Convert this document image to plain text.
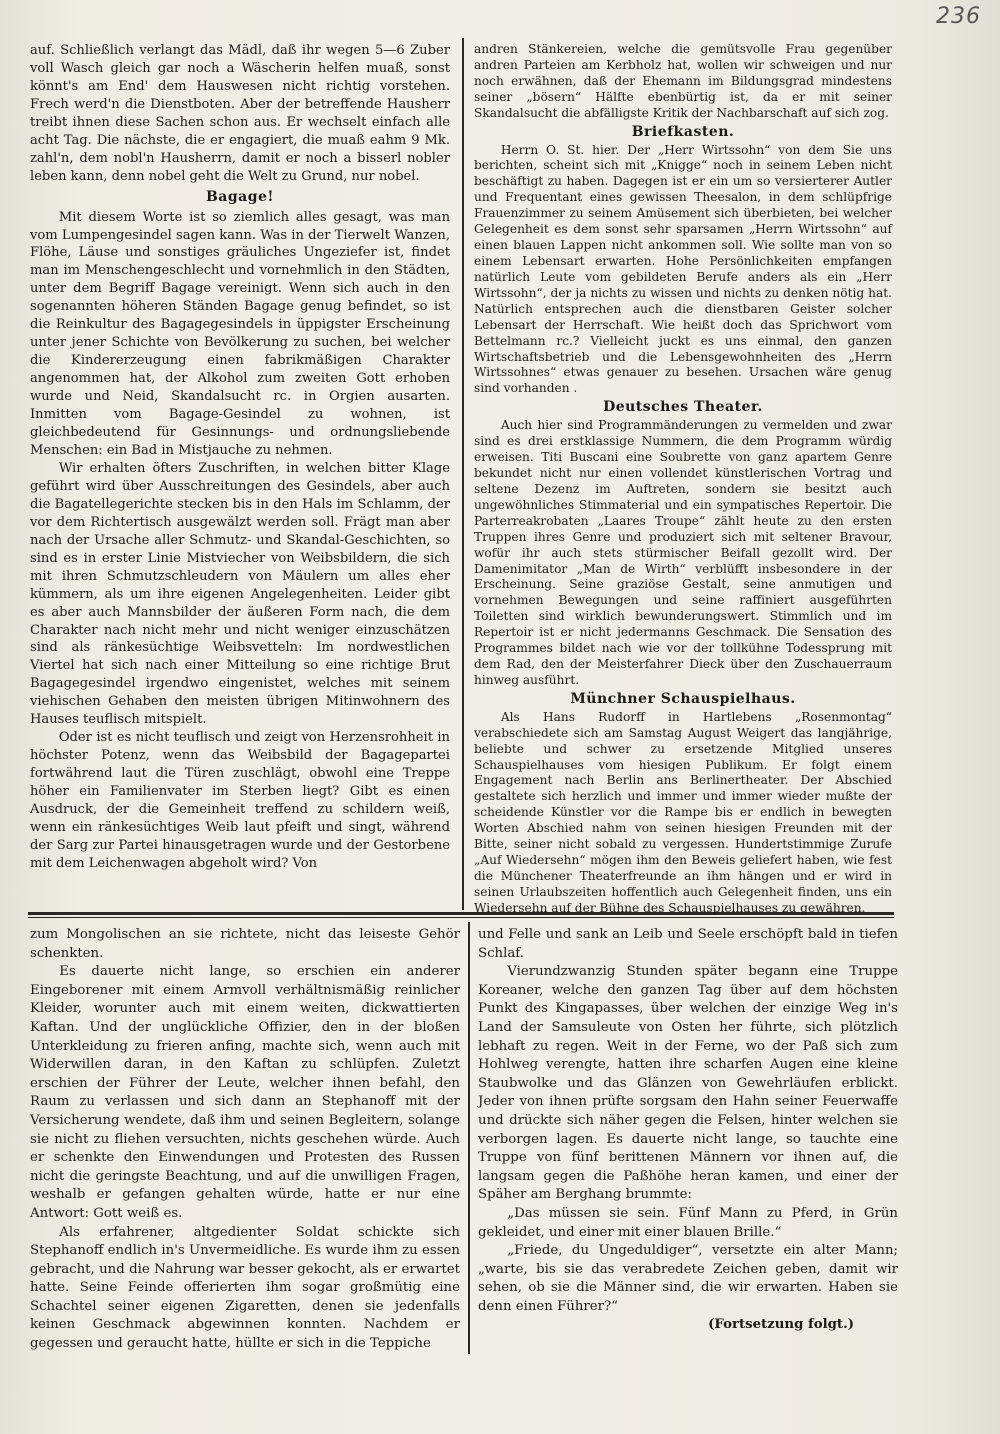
236

auf. Schließlich verlangt das Mädl, daß ihr wegen 5—6 Zuber voll Wasch gleich gar noch a Wäscherin helfen muaß, sonst könnt's am End' dem Hauswesen nicht richtig vorstehen. Frech werd'n die Dienstboten. Aber der betreffende Hausherr treibt ihnen diese Sachen schon aus. Er wechselt einfach alle acht Tag. Die nächste, die er engagiert, die muaß eahm 9 Mk. zahl'n, dem nobl'n Hausherrn, damit er noch a bisserl nobler leben kann, denn nobel geht die Welt zu Grund, nur nobel.

Bagage!

Mit diesem Worte ist so ziemlich alles gesagt, was man vom Lumpengesindel sagen kann. Was in der Tierwelt Wanzen, Flöhe, Läuse und sonstiges gräuliches Ungeziefer ist, findet man im Menschengeschlecht und vornehmlich in den Städten, unter dem Begriff Bagage vereinigt. Wenn sich auch in den sogenannten höheren Ständen Bagage genug befindet, so ist die Reinkultur des Bagagegesindels in üppigster Erscheinung unter jener Schichte von Bevölkerung zu suchen, bei welcher die Kindererzeugung einen fabrikmäßigen Charakter angenommen hat, der Alkohol zum zweiten Gott erhoben wurde und Neid, Skandalsucht rc. in Orgien ausarten. Inmitten vom Bagage-Gesindel zu wohnen, ist gleichbedeutend für Gesinnungs- und ordnungsliebende Menschen: ein Bad in Mistjauche zu nehmen.

Wir erhalten öfters Zuschriften, in welchen bitter Klage geführt wird über Ausschreitungen des Gesindels, aber auch die Bagatellegerichte stecken bis in den Hals im Schlamm, der vor dem Richtertisch ausgewälzt werden soll. Frägt man aber nach der Ursache aller Schmutz- und Skandal-Geschichten, so sind es in erster Linie Mistviecher von Weibsbildern, die sich mit ihren Schmutzschleudern von Mäulern um alles eher kümmern, als um ihre eigenen Angelegenheiten. Leider gibt es aber auch Mannsbilder der äußeren Form nach, die dem Charakter nach nicht mehr und nicht weniger einzuschätzen sind als ränkesüchtige Weibsvetteln: Im nordwestlichen Viertel hat sich nach einer Mitteilung so eine richtige Brut Bagagegesindel irgendwo eingenistet, welches mit seinem viehischen Gehaben den meisten übrigen Mitinwohnern des Hauses teuflisch mitspielt.

Oder ist es nicht teuflisch und zeigt von Herzensrohheit in höchster Potenz, wenn das Weibsbild der Bagagepartei fortwährend laut die Türen zuschlägt, obwohl eine Treppe höher ein Familienvater im Sterben liegt? Gibt es einen Ausdruck, der die Gemeinheit treffend zu schildern weiß, wenn ein ränkesüchtiges Weib laut pfeift und singt, während der Sarg zur Partei hinausgetragen wurde und der Gestorbene mit dem Leichenwagen abgeholt wird? Von

andren Stänkereien, welche die gemütsvolle Frau gegenüber andren Parteien am Kerbholz hat, wollen wir schweigen und nur noch erwähnen, daß der Ehemann im Bildungsgrad mindestens seiner „bösern“ Hälfte ebenbürtig ist, da er mit seiner Skandalsucht die abfälligste Kritik der Nachbarschaft auf sich zog.

Briefkasten.

Herrn O. St. hier. Der „Herr Wirtssohn“ von dem Sie uns berichten, scheint sich mit „Knigge“ noch in seinem Leben nicht beschäftigt zu haben. Dagegen ist er ein um so versierterer Autler und Frequentant eines gewissen Theesalon, in dem schlüpfrige Frauenzimmer zu seinem Amüsement sich überbieten, bei welcher Gelegenheit es dem sonst sehr sparsamen „Herrn Wirtssohn“ auf einen blauen Lappen nicht ankommen soll. Wie sollte man von so einem Lebensart erwarten. Hohe Persönlichkeiten empfangen natürlich Leute vom gebildeten Berufe anders als ein „Herr Wirtssohn“, der ja nichts zu wissen und nichts zu denken nötig hat. Natürlich entsprechen auch die dienstbaren Geister solcher Lebensart der Herrschaft. Wie heißt doch das Sprichwort vom Bettelmann rc.? Vielleicht juckt es uns einmal, den ganzen Wirtschaftsbetrieb und die Lebensgewohnheiten des „Herrn Wirtssohnes“ etwas genauer zu besehen. Ursachen wäre genug sind vorhanden .

Deutsches Theater.

Auch hier sind Programmänderungen zu vermelden und zwar sind es drei erstklassige Nummern, die dem Programm würdig erweisen. Titi Buscani eine Soubrette von ganz apartem Genre bekundet nicht nur einen vollendet künstlerischen Vortrag und seltene Dezenz im Auftreten, sondern sie besitzt auch ungewöhnliches Stimmaterial und ein sympatisches Repertoir. Die Parterreakrobaten „Laares Troupe“ zählt heute zu den ersten Truppen ihres Genre und produziert sich mit seltener Bravour, wofür ihr auch stets stürmischer Beifall gezollt wird. Der Damenimitator „Man de Wirth“ verblüfft insbesondere in der Erscheinung. Seine graziöse Gestalt, seine anmutigen und vornehmen Bewegungen und seine raffiniert ausgeführten Toiletten sind wirklich bewunderungswert. Stimmlich und im Repertoir ist er nicht jedermanns Geschmack. Die Sensation des Programmes bildet nach wie vor der tollkühne Todessprung mit dem Rad, den der Meisterfahrer Dieck über den Zuschauerraum hinweg ausführt.

Münchner Schauspielhaus.

Als Hans Rudorff in Hartlebens „Rosenmontag“ verabschiedete sich am Samstag August Weigert das langjährige, beliebte und schwer zu ersetzende Mitglied unseres Schauspielhauses vom hiesigen Publikum. Er folgt einem Engagement nach Berlin ans Berlinertheater. Der Abschied gestaltete sich herzlich und immer und immer wieder mußte der scheidende Künstler vor die Rampe bis er endlich in bewegten Worten Abschied nahm von seinen hiesigen Freunden mit der Bitte, seiner nicht sobald zu vergessen. Hundertstimmige Zurufe „Auf Wiedersehn“ mögen ihm den Beweis geliefert haben, wie fest die Münchener Theaterfreunde an ihm hängen und er wird in seinen Urlaubszeiten hoffentlich auch Gelegenheit finden, uns ein Wiedersehn auf der Bühne des Schauspielhauses zu gewähren.

zum Mongolischen an sie richtete, nicht das leiseste Gehör schenkten.

Es dauerte nicht lange, so erschien ein anderer Eingeborener mit einem Armvoll verhältnismäßig reinlicher Kleider, worunter auch mit einem weiten, dickwattierten Kaftan. Und der unglückliche Offizier, den in der bloßen Unterkleidung zu frieren anfing, machte sich, wenn auch mit Widerwillen daran, in den Kaftan zu schlüpfen. Zuletzt erschien der Führer der Leute, welcher ihnen befahl, den Raum zu verlassen und sich dann an Stephanoff mit der Versicherung wendete, daß ihm und seinen Begleitern, solange sie nicht zu fliehen versuchten, nichts geschehen würde. Auch er schenkte den Einwendungen und Protesten des Russen nicht die geringste Beachtung, und auf die unwilligen Fragen, weshalb er gefangen gehalten würde, hatte er nur eine Antwort: Gott weiß es.

Als erfahrener, altgedienter Soldat schickte sich Stephanoff endlich in's Unvermeidliche. Es wurde ihm zu essen gebracht, und die Nahrung war besser gekocht, als er erwartet hatte. Seine Feinde offerierten ihm sogar großmütig eine Schachtel seiner eigenen Zigaretten, denen sie jedenfalls keinen Geschmack abgewinnen konnten. Nachdem er gegessen und geraucht hatte, hüllte er sich in die Teppiche

und Felle und sank an Leib und Seele erschöpft bald in tiefen Schlaf.

Vierundzwanzig Stunden später begann eine Truppe Koreaner, welche den ganzen Tag über auf dem höchsten Punkt des Kingapasses, über welchen der einzige Weg in's Land der Samsuleute von Osten her führte, sich plötzlich lebhaft zu regen. Weit in der Ferne, wo der Paß sich zum Hohlweg verengte, hatten ihre scharfen Augen eine kleine Staubwolke und das Glänzen von Gewehrläufen erblickt. Jeder von ihnen prüfte sorgsam den Hahn seiner Feuerwaffe und drückte sich näher gegen die Felsen, hinter welchen sie verborgen lagen. Es dauerte nicht lange, so tauchte eine Truppe von fünf berittenen Männern vor ihnen auf, die langsam gegen die Paßhöhe heran kamen, und einer der Späher am Berghang brummte:

„Das müssen sie sein. Fünf Mann zu Pferd, in Grün gekleidet, und einer mit einer blauen Brille.“

„Friede, du Ungeduldiger“, versetzte ein alter Mann; „warte, bis sie das verabredete Zeichen geben, damit wir sehen, ob sie die Männer sind, die wir erwarten. Haben sie denn einen Führer?“

(Fortsetzung folgt.)
